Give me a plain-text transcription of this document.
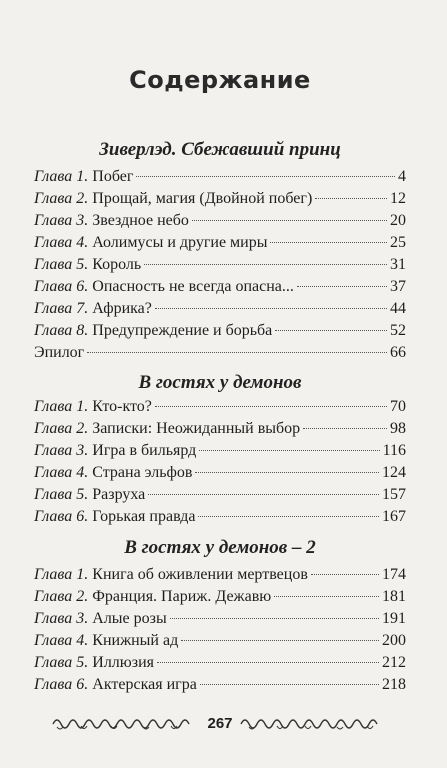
Содержание
Зиверлэд. Сбежавший принц
Глава 1. Побег	4
Глава 2. Прощай, магия (Двойной побег)	12
Глава 3. Звездное небо	20
Глава 4. Аолимусы и другие миры	25
Глава 5. Король	31
Глава 6. Опасность не всегда опасна...	37
Глава 7. Африка?	44
Глава 8. Предупреждение и борьба	52
Эпилог	66
В гостях у демонов
Глава 1. Кто-кто?	70
Глава 2. Записки: Неожиданный выбор	98
Глава 3. Игра в бильярд	116
Глава 4. Страна эльфов	124
Глава 5. Разруха	157
Глава 6. Горькая правда	167
В гостях у демонов – 2
Глава 1. Книга об оживлении мертвецов	174
Глава 2. Франция. Париж. Дежавю	181
Глава 3. Алые розы	191
Глава 4. Книжный ад	200
Глава 5. Иллюзия	212
Глава 6. Актерская игра	218
267
